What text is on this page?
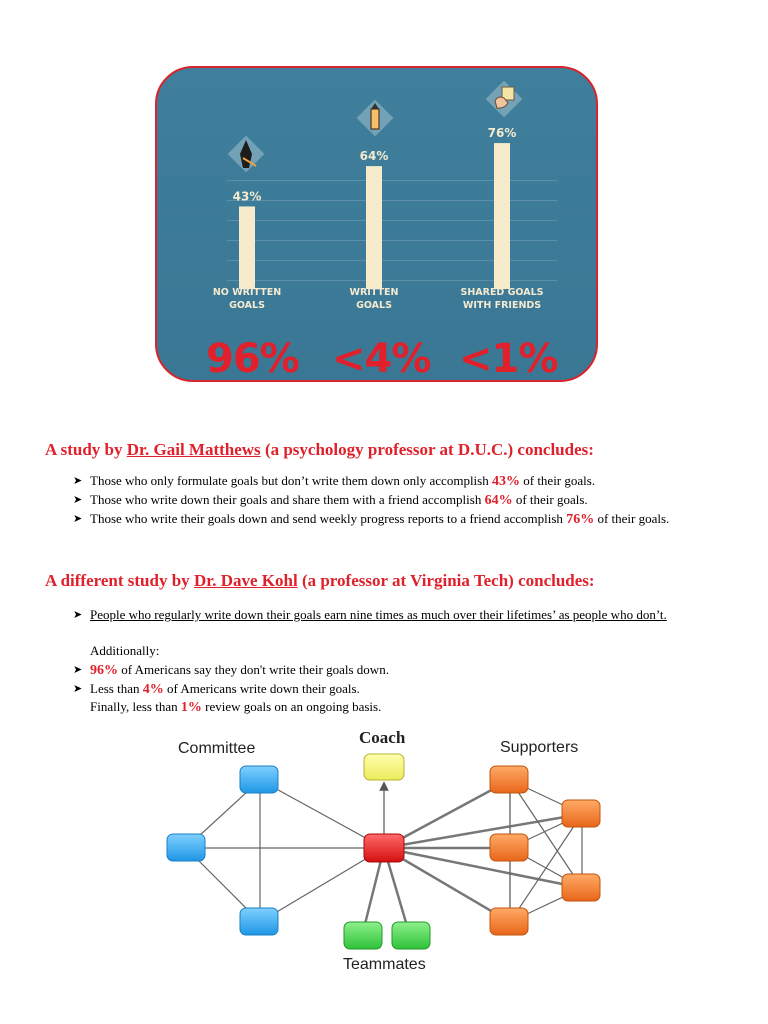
43%
64%
76%
NO WRITTEN
GOALS
WRITTEN
GOALS
SHARED GOALS
WITH FRIENDS
96% <4% <1%
A study by Dr. Gail Matthews (a psychology professor at D.U.C.) concludes:
➤ Those who only formulate goals but don’t write them down only accomplish 43% of their goals.
➤ Those who write down their goals and share them with a friend accomplish 64% of their goals.
➤ Those who write their goals down and send weekly progress reports to a friend accomplish 76% of their goals.
A different study by Dr. Dave Kohl (a professor at Virginia Tech) concludes:
➤ People who regularly write down their goals earn nine times as much over their lifetimes’ as people who don’t.
Additionally:
➤ 96% of Americans say they don't write their goals down.
➤ Less than 4% of Americans write down their goals.
Finally, less than 1% review goals on an ongoing basis.
Committee
Coach
Supporters
Teammates
